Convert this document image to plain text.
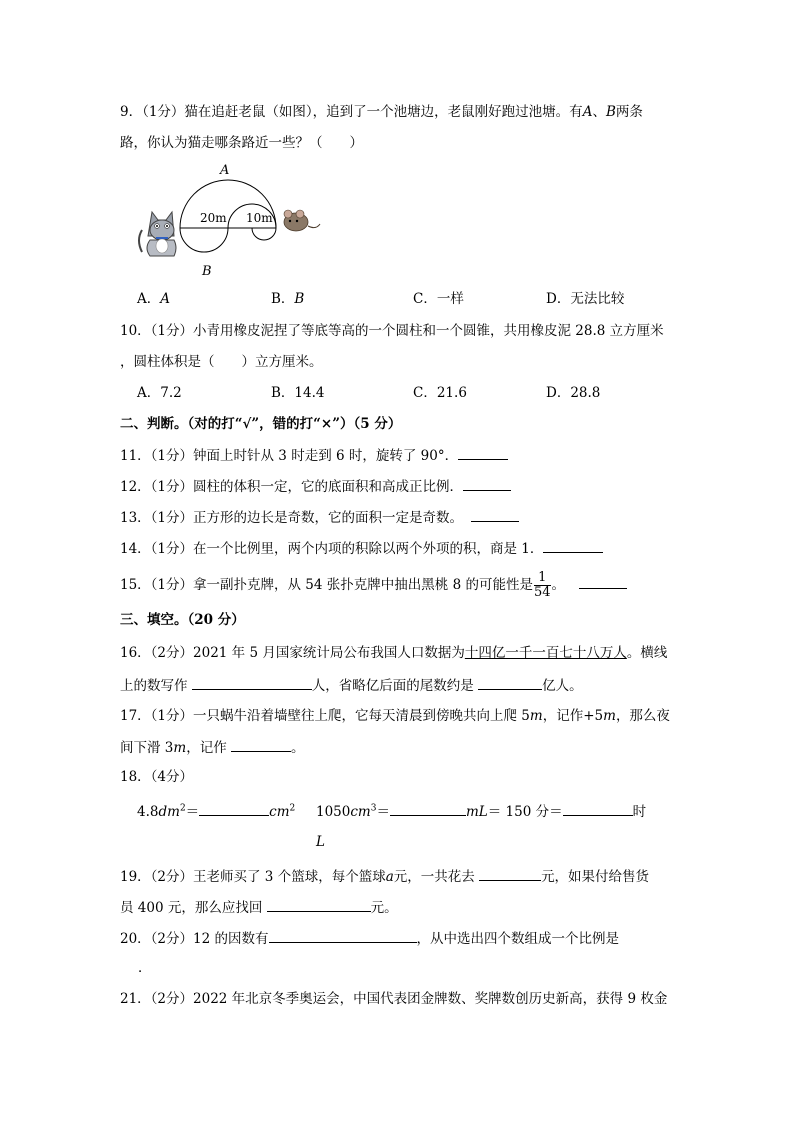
9．（1分）猫在追赶老鼠（如图），追到了一个池塘边，老鼠刚好跑过池塘。有A、B两条
路，你认为猫走哪条路近一些？（　　）
A
B
20m 10m
A．A	B．B	C．一样	D．无法比较
10．（1分）小青用橡皮泥捏了等底等高的一个圆柱和一个圆锥，共用橡皮泥 28.8 立方厘米
，圆柱体积是（　　）立方厘米。
A．7.2	B．14.4	C．21.6	D．28.8
二、判断。（对的打“√”，错的打“×”）（5 分）
11．（1分）钟面上时针从 3 时走到 6 时，旋转了 90°．
12．（1分）圆柱的体积一定，它的底面积和高成正比例．
13．（1分）正方形的边长是奇数，它的面积一定是奇数。
14．（1分）在一个比例里，两个内项的积除以两个外项的积，商是 1．
15．（1分）拿一副扑克牌，从 54 张扑克牌中抽出黑桃 8 的可能性是 $\frac{1}{54}$ 。
三、填空。（20 分）
16．（2分）2021 年 5 月国家统计局公布我国人口数据为十四亿一千一百七十八万人。横线
上的数写作	人，省略亿后面的尾数约是	亿人。
17．（1分）一只蜗牛沿着墙壁往上爬，它每天清晨到傍晚共向上爬 5m，记作+5m，那么夜
间下滑 3m，记作	。
18．（4分）
$4.8dm^2=$	$cm^2$ $1050cm^3=$	mL＝ 150 分＝	时
L
19．（2分）王老师买了 3 个篮球，每个篮球a元，一共花去	元，如果付给售货
员 400 元，那么应找回	元。
20．（2分）12 的因数有	，从中选出四个数组成一个比例是
．
21．（2分）2022 年北京冬季奥运会，中国代表团金牌数、奖牌数创历史新高，获得 9 枚金
